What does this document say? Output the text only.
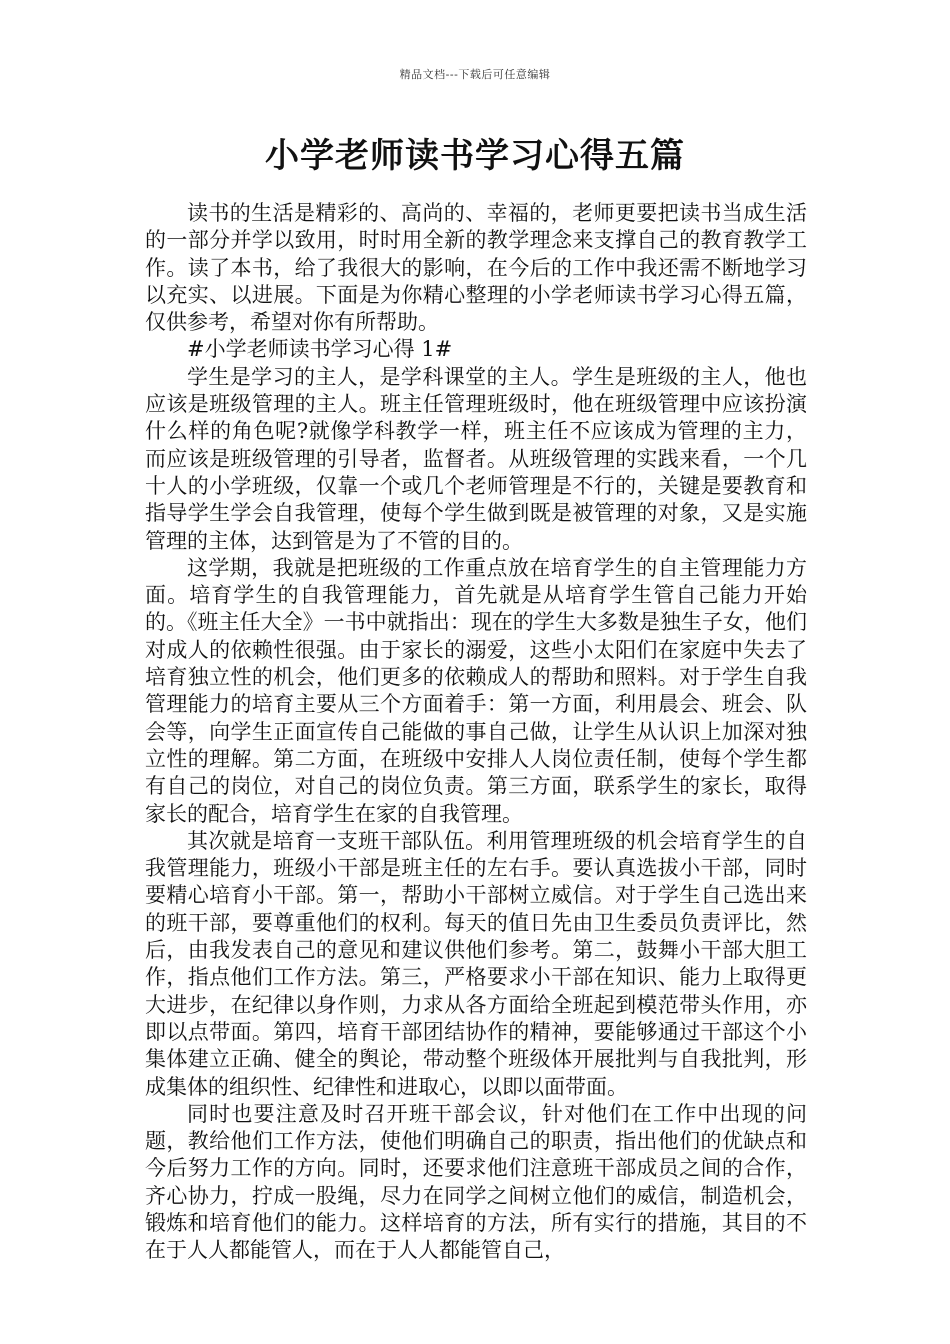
精品文档---下载后可任意编辑
小学老师读书学习心得五篇

读书的生活是精彩的、高尚的、幸福的，老师更要把读书当成生活的一部分并学以致用，时时用全新的教学理念来支撑自己的教育教学工作。读了本书，给了我很大的影响，在今后的工作中我还需不断地学习以充实、以进展。下面是为你精心整理的小学老师读书学习心得五篇，仅供参考，希望对你有所帮助。

#小学老师读书学习心得 1#

学生是学习的主人，是学科课堂的主人。学生是班级的主人，他也应该是班级管理的主人。班主任管理班级时，他在班级管理中应该扮演什么样的角色呢?就像学科教学一样，班主任不应该成为管理的主力，而应该是班级管理的引导者，监督者。从班级管理的实践来看，一个几十人的小学班级，仅靠一个或几个老师管理是不行的，关键是要教育和指导学生学会自我管理，使每个学生做到既是被管理的对象，又是实施管理的主体，达到管是为了不管的目的。

这学期，我就是把班级的工作重点放在培育学生的自主管理能力方面。培育学生的自我管理能力，首先就是从培育学生管自己能力开始的。《班主任大全》一书中就指出：现在的学生大多数是独生子女，他们对成人的依赖性很强。由于家长的溺爱，这些小太阳们在家庭中失去了培育独立性的机会，他们更多的依赖成人的帮助和照料。对于学生自我管理能力的培育主要从三个方面着手：第一方面，利用晨会、班会、队会等，向学生正面宣传自己能做的事自己做，让学生从认识上加深对独立性的理解。第二方面，在班级中安排人人岗位责任制，使每个学生都有自己的岗位，对自己的岗位负责。第三方面，联系学生的家长，取得家长的配合，培育学生在家的自我管理。

其次就是培育一支班干部队伍。利用管理班级的机会培育学生的自我管理能力，班级小干部是班主任的左右手。要认真选拔小干部，同时要精心培育小干部。第一，帮助小干部树立威信。对于学生自己选出来的班干部，要尊重他们的权利。每天的值日先由卫生委员负责评比，然后，由我发表自己的意见和建议供他们参考。第二，鼓舞小干部大胆工作，指点他们工作方法。第三，严格要求小干部在知识、能力上取得更大进步，在纪律以身作则，力求从各方面给全班起到模范带头作用，亦即以点带面。第四，培育干部团结协作的精神，要能够通过干部这个小集体建立正确、健全的舆论，带动整个班级体开展批判与自我批判，形成集体的组织性、纪律性和进取心，以即以面带面。

同时也要注意及时召开班干部会议，针对他们在工作中出现的问题，教给他们工作方法，使他们明确自己的职责，指出他们的优缺点和今后努力工作的方向。同时，还要求他们注意班干部成员之间的合作，齐心协力，拧成一股绳，尽力在同学之间树立他们的威信，制造机会，锻炼和培育他们的能力。这样培育的方法，所有实行的措施，其目的不在于人人都能管人，而在于人人都能管自己，
